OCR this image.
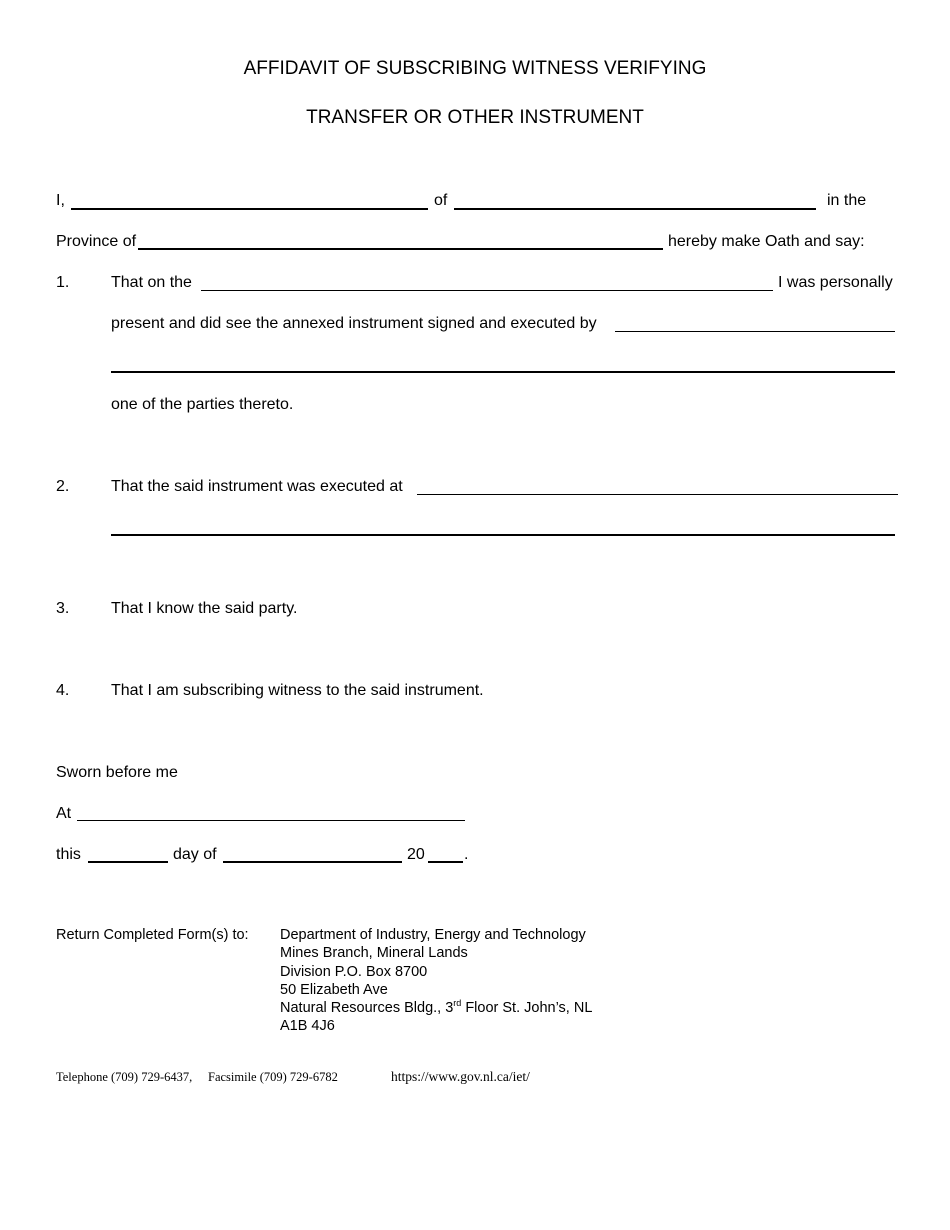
AFFIDAVIT OF SUBSCRIBING WITNESS VERIFYING
TRANSFER OR OTHER INSTRUMENT
I,	of	in the
Province of	hereby make Oath and say:
1.	That on the	I was personally
present and did see the annexed instrument signed and executed by
one of the parties thereto.
2.	That the said instrument was executed at
3.	That I know the said party.
4.	That I am subscribing witness to the said instrument.
Sworn before me
At
this	day of	20 .
Return Completed Form(s) to: Department of Industry, Energy and Technology
Mines Branch, Mineral Lands
Division P.O. Box 8700
50 Elizabeth Ave
Natural Resources Bldg., 3rd Floor St. John’s, NL
A1B 4J6
Telephone (709) 729-6437, Facsimile (709) 729-6782	https://www.gov.nl.ca/iet/
